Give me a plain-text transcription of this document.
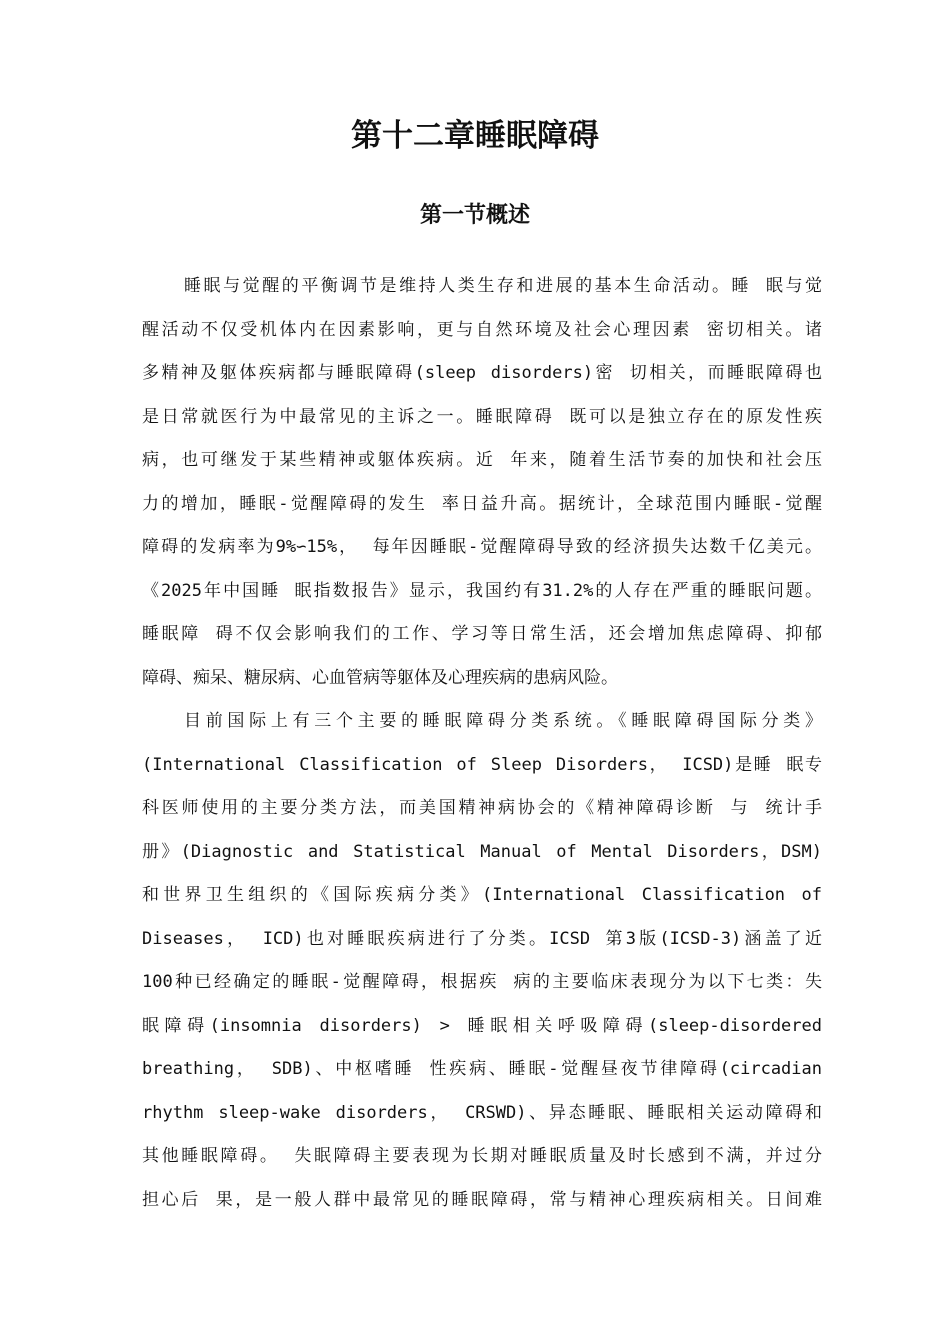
第十二章睡眠障碍
第一节概述
睡眠与觉醒的平衡调节是维持人类生存和进展的基本生命活动。睡 眠与觉
醒活动不仅受机体内在因素影响，更与自然环境及社会心理因素 密切相关。诸
多精神及躯体疾病都与睡眠障碍(sleep disorders)密 切相关，而睡眠障碍也
是日常就医行为中最常见的主诉之一。睡眠障碍 既可以是独立存在的原发性疾
病，也可继发于某些精神或躯体疾病。近 年来，随着生活节奏的加快和社会压
力的增加，睡眠-觉醒障碍的发生 率日益升高。据统计，全球范围内睡眠-觉醒
障碍的发病率为9%∽15%， 每年因睡眠-觉醒障碍导致的经济损失达数千亿美元。
《2025年中国睡 眠指数报告》显示，我国约有31.2%的人存在严重的睡眠问题。
睡眠障 碍不仅会影响我们的工作、学习等日常生活，还会增加焦虑障碍、抑郁
障碍、痴呆、糖尿病、心血管病等躯体及心理疾病的患病风险。
目前国际上有三个主要的睡眠障碍分类系统。《睡眠障碍国际分类》
(International Classification of Sleep Disorders， ICSD)是睡 眠专
科医师使用的主要分类方法，而美国精神病协会的《精神障碍诊断 与 统计手
册》(Diagnostic and Statistical Manual of Mental Disorders，DSM)
和世界卫生组织的《国际疾病分类》(International Classification of
Diseases， ICD)也对睡眠疾病进行了分类。ICSD 第3版(ICSD-3)涵盖了近
100种已经确定的睡眠-觉醒障碍，根据疾 病的主要临床表现分为以下七类：失
眠障碍(insomnia disorders) > 睡眠相关呼吸障碍(sleep-disordered
breathing， SDB)、中枢嗜睡 性疾病、睡眠-觉醒昼夜节律障碍(circadian
rhythm sleep-wake disorders， CRSWD)、异态睡眠、睡眠相关运动障碍和
其他睡眠障碍。 失眠障碍主要表现为长期对睡眠质量及时长感到不满，并过分
担心后 果，是一般人群中最常见的睡眠障碍，常与精神心理疾病相关。日间难
